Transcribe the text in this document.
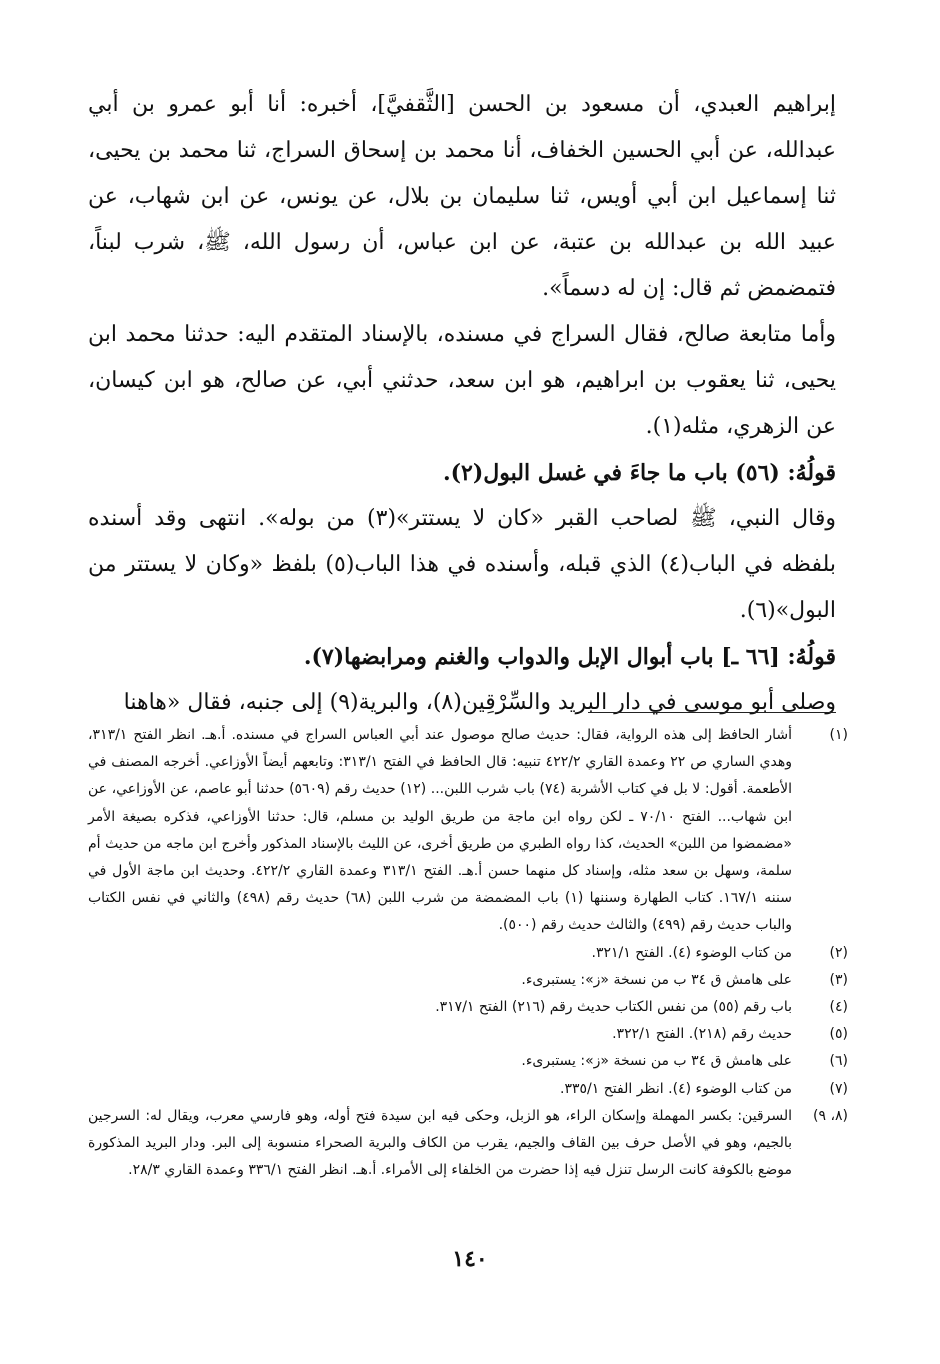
إبراهيم العبدي، أن مسعود بن الحسن [الثَّقفيَّ]، أخبره: أنا أبو عمرو بن أبي عبدالله، عن أبي الحسين الخفاف، أنا محمد بن إسحاق السراج، ثنا محمد بن يحيى، ثنا إسماعيل ابن أبي أويس، ثنا سليمان بن بلال، عن يونس، عن ابن شهاب، عن عبيد الله بن عبدالله بن عتبة، عن ابن عباس، أن رسول الله، ﷺ، شرب لبناً، فتمضمض ثم قال: إن له دسماً».

وأما متابعة صالح، فقال السراج في مسنده، بالإسناد المتقدم اليه: حدثنا محمد ابن يحيى، ثنا يعقوب بن ابراهيم، هو ابن سعد، حدثني أبي، عن صالح، هو ابن كيسان، عن الزهري، مثله(١).

قولُهُ: (٥٦) باب ما جاءَ في غسل البول(٢).

وقال النبي، ﷺ لصاحب القبر «كان لا يستتر»(٣) من بوله». انتهى وقد أسنده بلفظه في الباب(٤) الذي قبله، وأسنده في هذا الباب(٥) بلفظ «وكان لا يستتر من البول»(٦).

قولُهُ: [٦٦ ـ] باب أبوال الإبل والدواب والغنم ومرابضها(٧).

وصلى أبو موسى في دار البريد والسِّرْقِين(٨)، والبرية(٩) إلى جنبه، فقال «هاهنا

(١)
أشار الحافظ إلى هذه الرواية، فقال: حديث صالح موصول عند أبي العباس السراج في مسنده. أ.هـ. انظر الفتح ٣١٣/١، وهدي الساري ص ٢٢ وعمدة القاري ٤٢٢/٢ تنبيه: قال الحافظ في الفتح ٣١٣/١: وتابعهم أيضاً الأوزاعي. أخرجه المصنف في الأطعمة. أقول: لا بل في كتاب الأشربة (٧٤) باب شرب اللبن... (١٢) حديث رقم (٥٦٠٩) حدثنا أبو عاصم، عن الأوزاعي، عن ابن شهاب... الفتح ٧٠/١٠ ـ لكن رواه ابن ماجة من طريق الوليد بن مسلم، قال: حدثنا الأوزاعي، فذكره بصيغة الأمر «مضمضوا من اللبن» الحديث، كذا رواه الطبري من طريق أخرى، عن الليث بالإسناد المذكور وأخرج ابن ماجه من حديث أم سلمة، وسهل بن سعد مثله، وإسناد كل منهما حسن أ.هـ. الفتح ٣١٣/١ وعمدة القاري ٤٢٢/٢. وحديث ابن ماجة الأول في سننه ١٦٧/١. كتاب الطهارة وسننها (١) باب المضمضة من شرب اللبن (٦٨) حديث رقم (٤٩٨) والثاني في نفس الكتاب والباب حديث رقم (٤٩٩) والثالث حديث رقم (٥٠٠).
(٢)
من كتاب الوضوء (٤). الفتح ٣٢١/١.
(٣)
على هامش ق ٣٤ ب من نسخة «ز»: يستبرىء.
(٤)
باب رقم (٥٥) من نفس الكتاب حديث رقم (٢١٦) الفتح ٣١٧/١.
(٥)
حديث رقم (٢١٨). الفتح ٣٢٢/١.
(٦)
على هامش ق ٣٤ ب من نسخة «ز»: يستبرىء.
(٧)
من كتاب الوضوء (٤). انظر الفتح ٣٣٥/١.
(٨، ٩)
السرقين: بكسر المهملة وإسكان الراء، هو الزبل، وحكى فيه ابن سيدة فتح أوله، وهو فارسي معرب، ويقال له: السرجين بالجيم، وهو في الأصل حرف بين القاف والجيم، يقرب من الكاف والبرية الصحراء منسوبة إلى البر. ودار البريد المذكورة موضع بالكوفة كانت الرسل تنزل فيه إذا حضرت من الخلفاء إلى الأمراء. أ.هـ. انظر الفتح ٣٣٦/١ وعمدة القاري ٢٨/٣.
١٤٠
